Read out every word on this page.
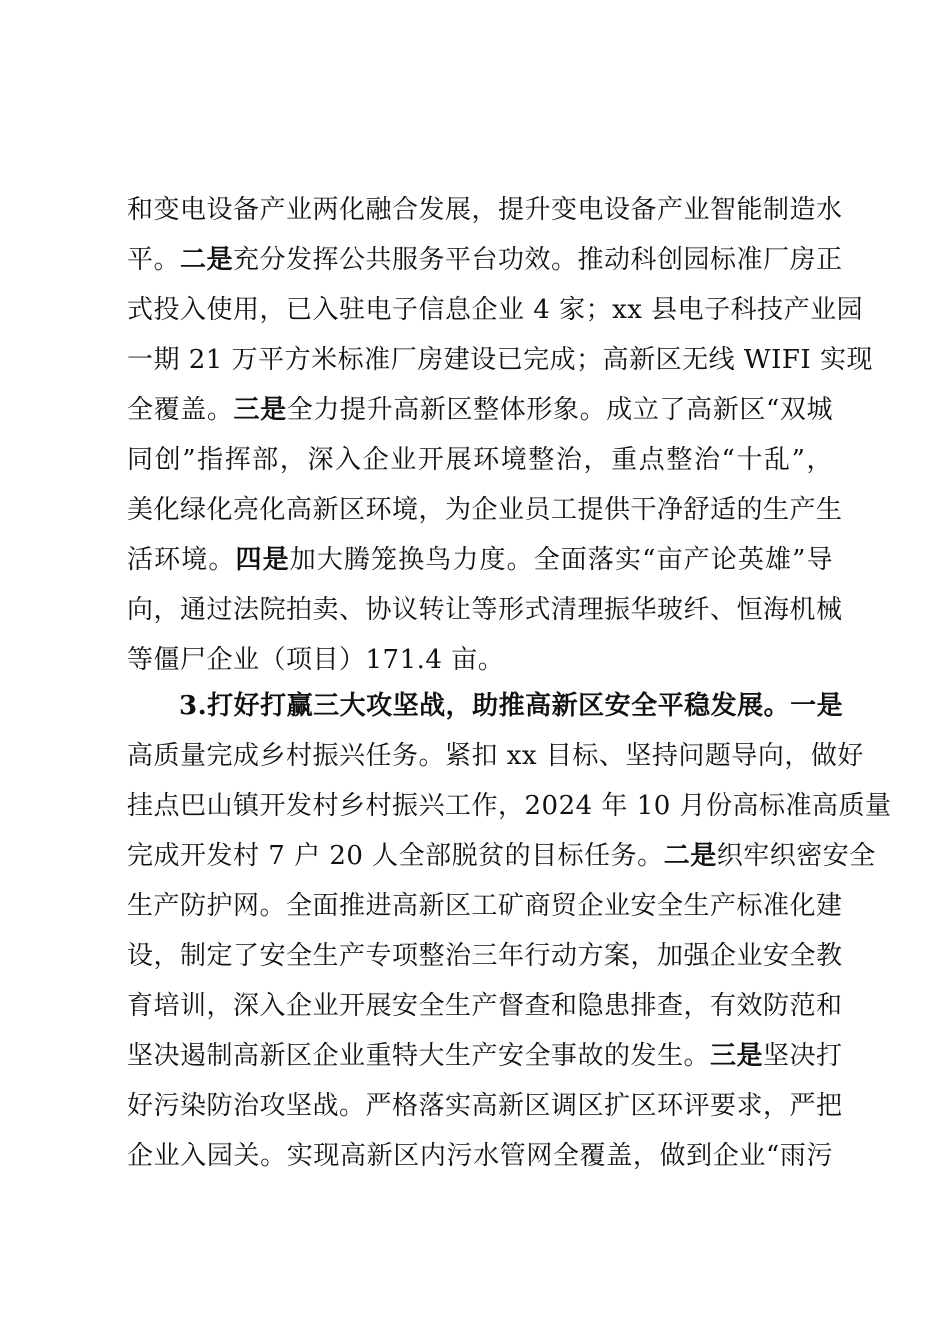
和变电设备产业两化融合发展，提升变电设备产业智能制造水
平。二是充分发挥公共服务平台功效。推动科创园标准厂房正
式投入使用，已入驻电子信息企业 4 家；xx 县电子科技产业园
一期 21 万平方米标准厂房建设已完成；高新区无线 WIFI 实现
全覆盖。三是全力提升高新区整体形象。成立了高新区“双城
同创”指挥部，深入企业开展环境整治，重点整治“十乱”，
美化绿化亮化高新区环境，为企业员工提供干净舒适的生产生
活环境。四是加大腾笼换鸟力度。全面落实“亩产论英雄”导
向，通过法院拍卖、协议转让等形式清理振华玻纤、恒海机械
等僵尸企业（项目）171.4 亩。
3.打好打赢三大攻坚战，助推高新区安全平稳发展。一是
高质量完成乡村振兴任务。紧扣 xx 目标、坚持问题导向，做好
挂点巴山镇开发村乡村振兴工作，2024 年 10 月份高标准高质量
完成开发村 7 户 20 人全部脱贫的目标任务。二是织牢织密安全
生产防护网。全面推进高新区工矿商贸企业安全生产标准化建
设，制定了安全生产专项整治三年行动方案，加强企业安全教
育培训，深入企业开展安全生产督查和隐患排查，有效防范和
坚决遏制高新区企业重特大生产安全事故的发生。三是坚决打
好污染防治攻坚战。严格落实高新区调区扩区环评要求，严把
企业入园关。实现高新区内污水管网全覆盖，做到企业“雨污
